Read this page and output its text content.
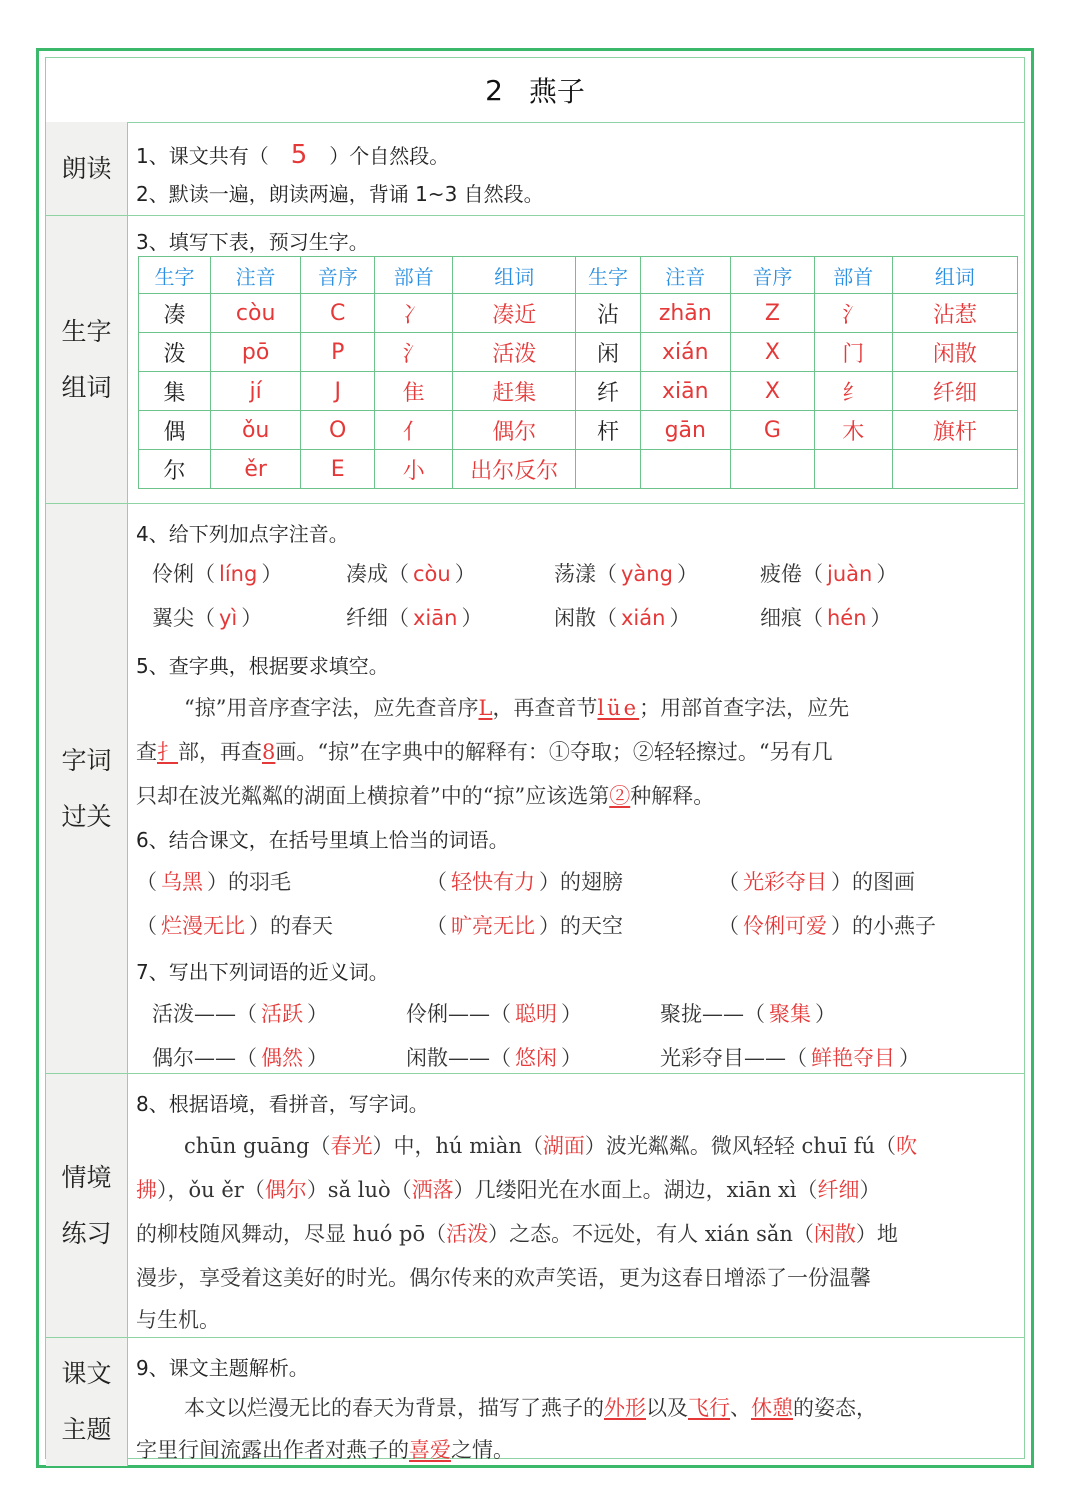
2 燕子
朗读 1、课文共有（ 5 ）个自然段。
2、默读一遍，朗读两遍，背诵 1~3 自然段。
生字
组词
3、填写下表，预习生字。
生字	注音	音序	部首	组词	生字	注音	音序	部首	组词
凑	còu	C	冫	凑近	沾	zhān	Z	氵	沾惹
泼	pō	P	氵	活泼	闲	xián	X	门	闲散
集	jí	J	隹	赶集	纤	xiān	X	纟	纤细
偶	ǒu	O	亻	偶尔	杆	gān	G	木	旗杆
尔	ěr	E	小	出尔反尔					
字词
过关
4、给下列加点字注音。
伶俐（ líng ）	凑成（ còu ）	荡漾（ yàng ）	疲倦（ juàn ）
翼尖（ yì ）	纤细（ xiān ）	闲散（ xián ）	细痕（ hén ）
5、查字典，根据要求填空。
“掠”用音序查字法，应先查音序L，再查音节lüe；用部首查字法，应先
查扌部，再查8画。“掠”在字典中的解释有：①夺取；②轻轻擦过。“另有几
只却在波光粼粼的湖面上横掠着”中的“掠”应该选第②种解释。
6、结合课文，在括号里填上恰当的词语。
（ 乌黑 ）的羽毛	（ 轻快有力 ）的翅膀	（ 光彩夺目 ）的图画
（ 烂漫无比 ）的春天	（ 旷亮无比 ）的天空	（ 伶俐可爱 ）的小燕子
7、写出下列词语的近义词。
活泼——（ 活跃 ）	伶俐——（ 聪明 ）	聚拢——（ 聚集 ）
偶尔——（ 偶然 ）	闲散——（ 悠闲 ）	光彩夺目——（ 鲜艳夺目 ）
情境
练习
8、根据语境，看拼音，写字词。
chūn guāng（春光）中，hú miàn（湖面）波光粼粼。微风轻轻 chuī fú（吹
拂），ǒu ěr（偶尔）sǎ luò（洒落）几缕阳光在水面上。湖边，xiān xì（纤细）
的柳枝随风舞动，尽显 huó pō（活泼）之态。不远处，有人 xián sǎn（闲散）地
漫步，享受着这美好的时光。偶尔传来的欢声笑语，更为这春日增添了一份温馨
与生机。
课文
主题
9、课文主题解析。
本文以烂漫无比的春天为背景，描写了燕子的外形以及飞行、休憩的姿态，
字里行间流露出作者对燕子的喜爱之情。
